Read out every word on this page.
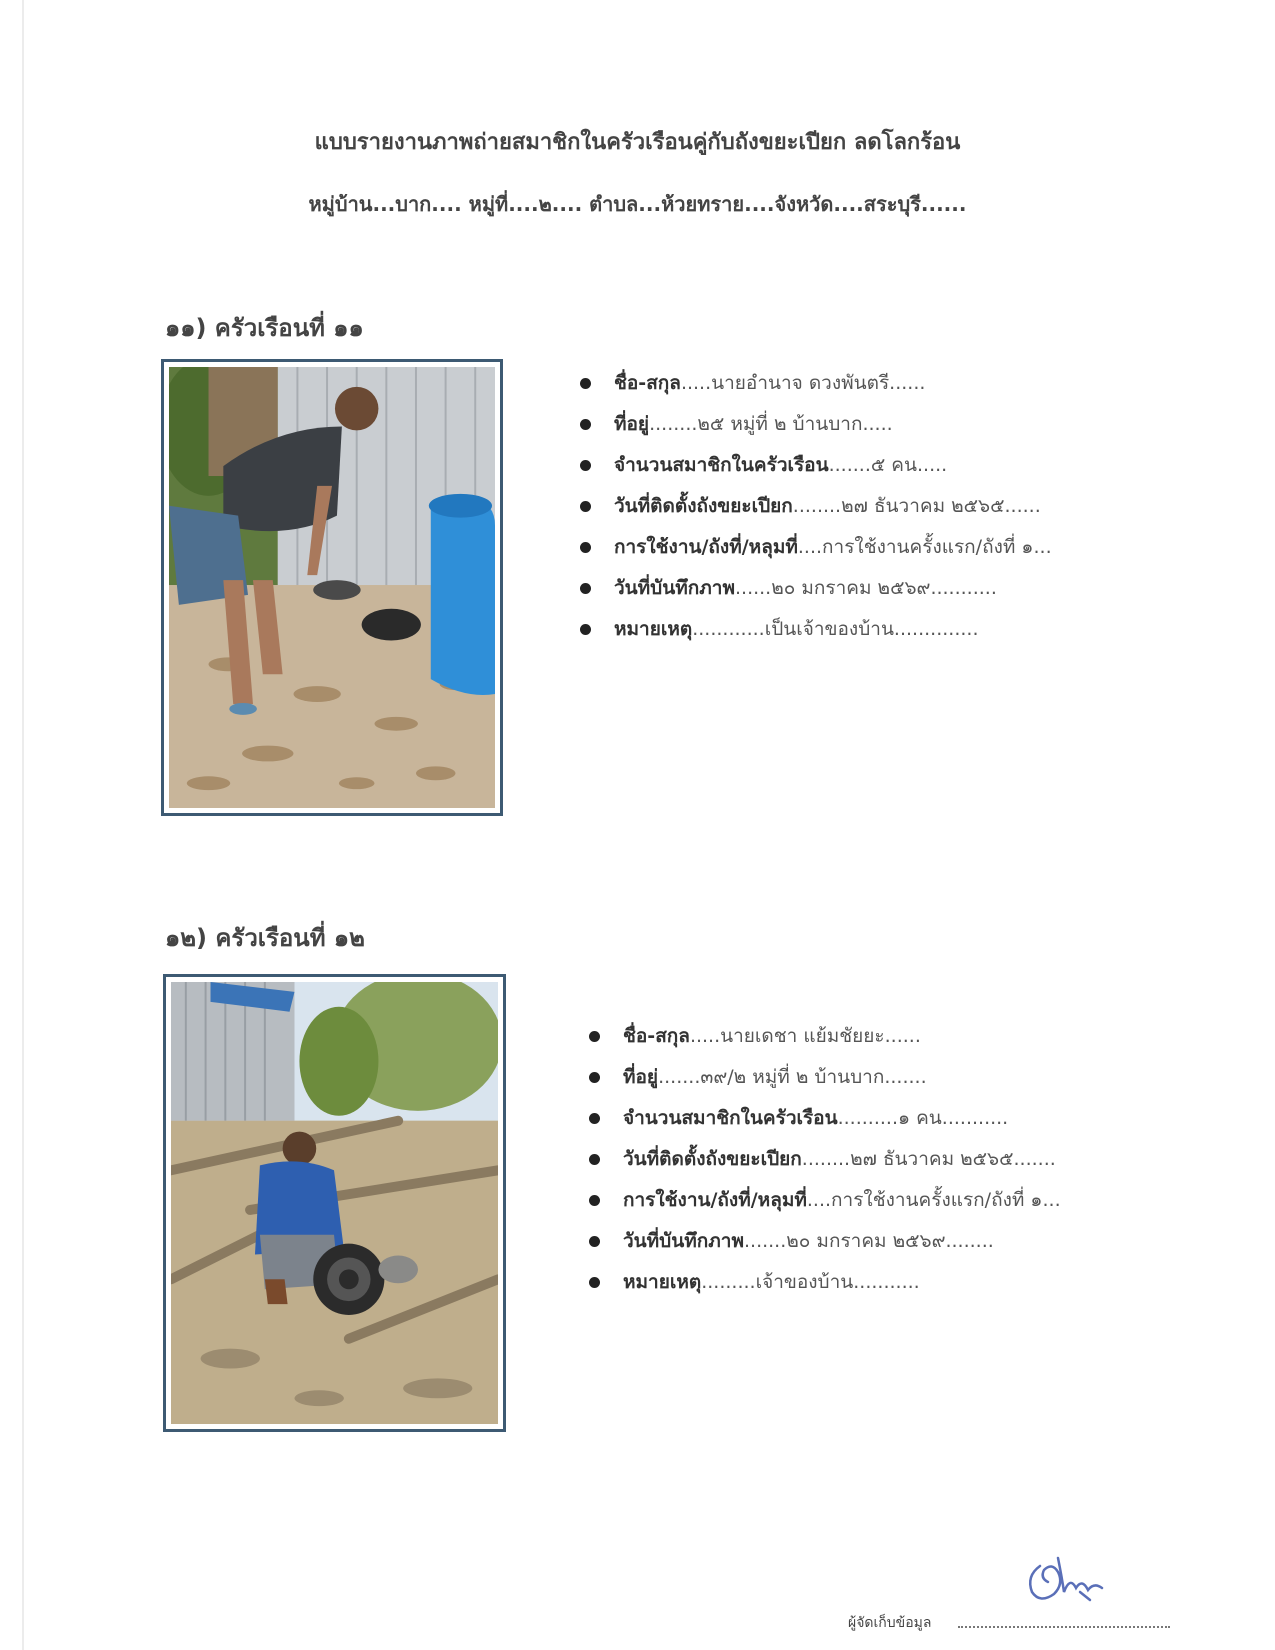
แบบรายงานภาพถ่ายสมาชิกในครัวเรือนคู่กับถังขยะเปียก ลดโลกร้อน
หมู่บ้าน...บาก.... หมู่ที่....๒.... ตำบล...ห้วยทราย....จังหวัด....สระบุรี......
๑๑) ครัวเรือนที่ ๑๑
ชื่อ-สกุล.....นายอำนาจ ดวงพันตรี......
ที่อยู่........๒๕ หมู่ที่ ๒ บ้านบาก.....
จำนวนสมาชิกในครัวเรือน.......๕ คน.....
วันที่ติดตั้งถังขยะเปียก........๒๗ ธันวาคม ๒๕๖๕......
การใช้งาน/ถังที่/หลุมที่....การใช้งานครั้งแรก/ถังที่ ๑...
วันที่บันทึกภาพ......๒๐ มกราคม ๒๕๖๙...........
หมายเหตุ............เป็นเจ้าของบ้าน..............
๑๒) ครัวเรือนที่ ๑๒
ชื่อ-สกุล.....นายเดชา แย้มชัยยะ......
ที่อยู่.......๓๙/๒ หมู่ที่ ๒ บ้านบาก.......
จำนวนสมาชิกในครัวเรือน..........๑ คน...........
วันที่ติดตั้งถังขยะเปียก........๒๗ ธันวาคม ๒๕๖๕.......
การใช้งาน/ถังที่/หลุมที่....การใช้งานครั้งแรก/ถังที่ ๑...
วันที่บันทึกภาพ.......๒๐ มกราคม ๒๕๖๙........
หมายเหตุ.........เจ้าของบ้าน...........
ผู้จัดเก็บข้อมูล
